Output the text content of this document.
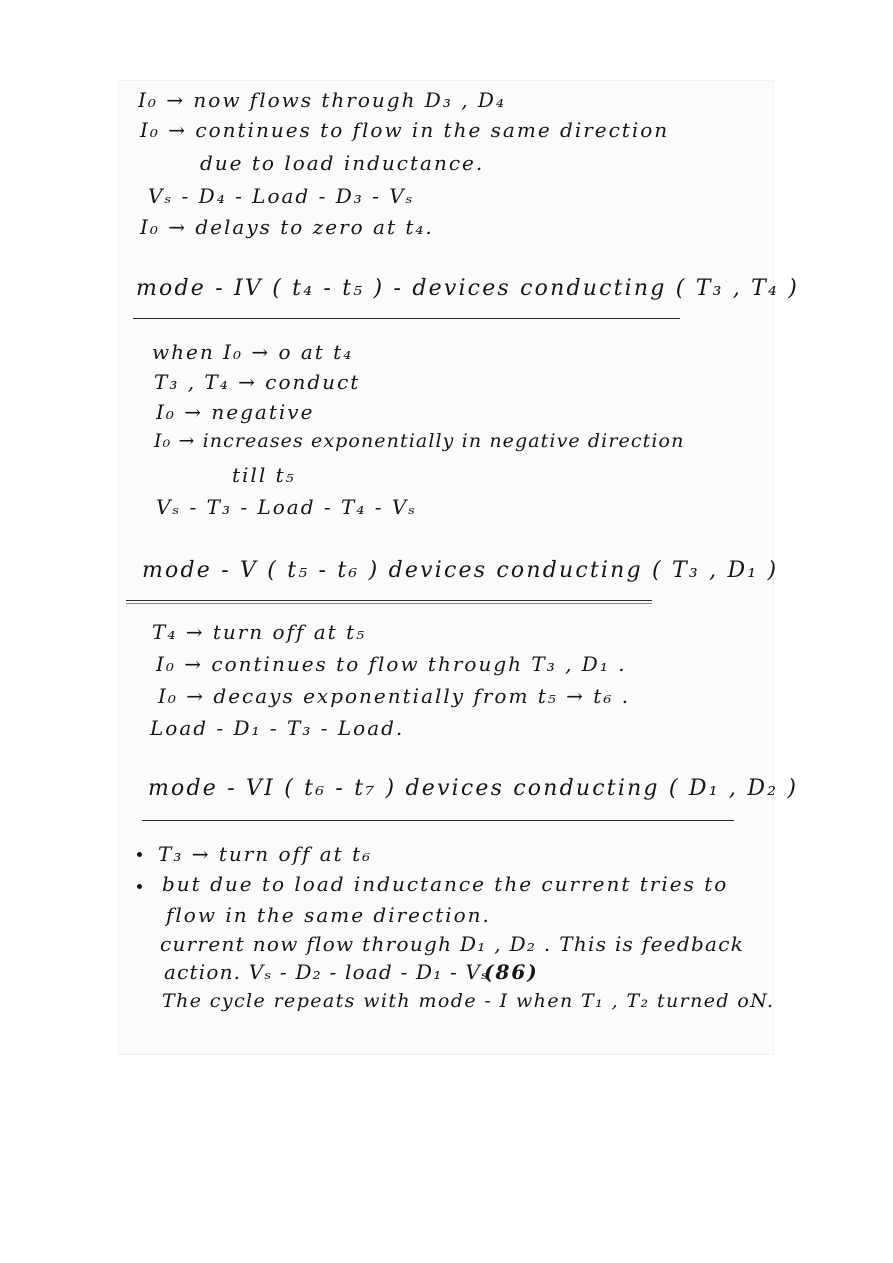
I₀ → now flows through D₃ , D₄

I₀ → continues to flow in the same direction

due to load inductance.

Vₛ - D₄ - Load - D₃ - Vₛ

I₀ → delays to zero at t₄.

mode - IV ( t₄ - t₅ ) - devices conducting ( T₃ , T₄ )

when I₀ → o at t₄

T₃ , T₄ → conduct

I₀ → negative

I₀ → increases exponentially in negative direction

till t₅

Vₛ - T₃ - Load - T₄ - Vₛ

mode - V ( t₅ - t₆ ) devices conducting ( T₃ , D₁ )

T₄ → turn off at t₅

I₀ → continues to flow through T₃ , D₁ .

I₀ → decays exponentially from t₅ → t₆ .

Load - D₁ - T₃ - Load.

mode - VI ( t₆ - t₇ ) devices conducting ( D₁ , D₂ )

T₃ → turn off at t₆

but due to load inductance the current tries to

flow in the same direction.

current now flow through D₁ , D₂ . This is feedback

action. Vₛ - D₂ - load - D₁ - Vₛ

(86)

The cycle repeats with mode - I when T₁ , T₂ turned oN.
